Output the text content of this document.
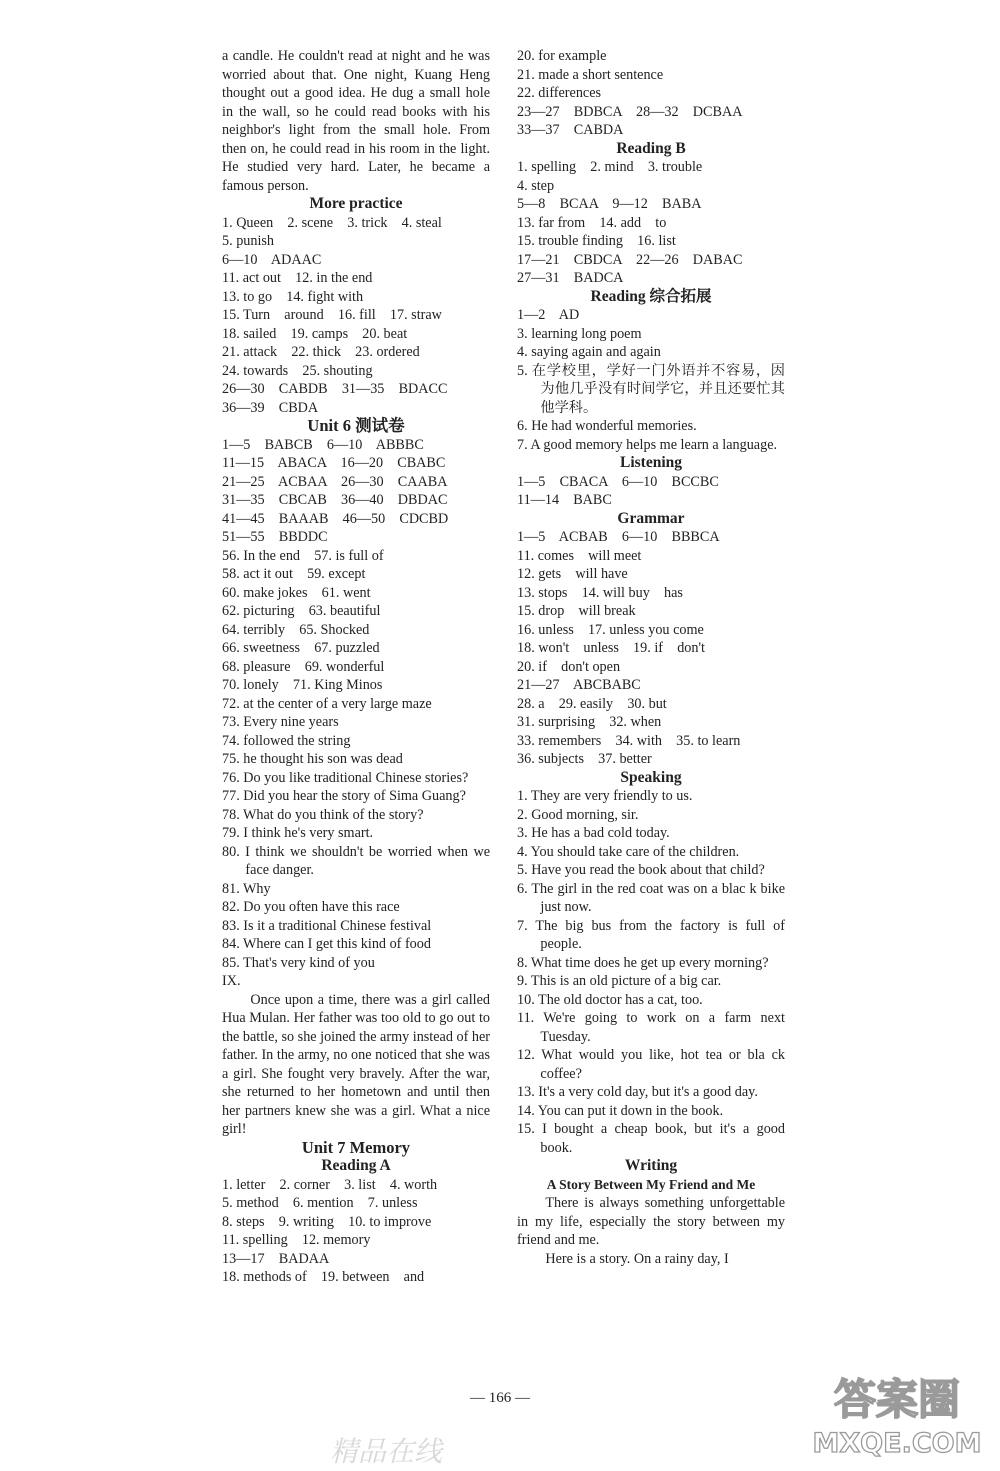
a candle. He couldn't read at night and he was worried about that. One night, Kuang Heng thought out a good idea. He dug a small hole in the wall, so he could read books with his neighbor's light from the small hole. From then on, he could read in his room in the light. He studied very hard. Later, he became a famous person.
More practice
1. Queen    2. scene    3. trick    4. steal
5. punish
6—10    ADAAC
11. act out    12. in the end
13. to go    14. fight with
15. Turn    around    16. fill    17. straw
18. sailed    19. camps    20. beat
21. attack    22. thick    23. ordered
24. towards    25. shouting
26—30    CABDB    31—35    BDACC
36—39    CBDA
Unit 6 测试卷
1—5    BABCB    6—10    ABBBC
11—15    ABACA    16—20    CBABC
21—25    ACBAA    26—30    CAABA
31—35    CBCAB    36—40    DBDAC
41—45    BAAAB    46—50    CDCBD
51—55    BBDDC
56. In the end    57. is full of
58. act it out    59. except
60. make jokes    61. went
62. picturing    63. beautiful
64. terribly    65. Shocked
66. sweetness    67. puzzled
68. pleasure    69. wonderful
70. lonely    71. King Minos
72. at the center of a very large maze
73. Every nine years
74. followed the string
75. he thought his son was dead
76. Do you like traditional Chinese stories?
77. Did you hear the story of Sima Guang?
78. What do you think of the story?
79. I think he's very smart.
80. I think we shouldn't be worried when we face danger.
81. Why
82. Do you often have this race
83. Is it a traditional Chinese festival
84. Where can I get this kind of food
85. That's very kind of you
IX.
Once upon a time, there was a girl called Hua Mulan. Her father was too old to go out to the battle, so she joined the army instead of her father. In the army, no one noticed that she was a girl. She fought very bravely. After the war, she returned to her hometown and until then her partners knew she was a girl. What a nice girl!
Unit 7 Memory
Reading A
1. letter    2. corner    3. list    4. worth
5. method    6. mention    7. unless
8. steps    9. writing    10. to improve
11. spelling    12. memory
13—17    BADAA
18. methods of    19. between    and
20. for example
21. made a short sentence
22. differences
23—27    BDBCA    28—32    DCBAA
33—37    CABDA
Reading B
1. spelling    2. mind    3. trouble
4. step
5—8    BCAA    9—12    BABA
13. far from    14. add    to
15. trouble finding    16. list
17—21    CBDCA    22—26    DABAC
27—31    BADCA
Reading 综合拓展
1—2    AD
3. learning long poem
4. saying again and again
5. 在学校里，学好一门外语并不容易，因为他几乎没有时间学它，并且还要忙其他学科。
6. He had wonderful memories.
7. A good memory helps me learn a language.
Listening
1—5    CBACA    6—10    BCCBC
11—14    BABC
Grammar
1—5    ACBAB    6—10    BBBCA
11. comes    will meet
12. gets    will have
13. stops    14. will buy    has
15. drop    will break
16. unless    17. unless you come
18. won't    unless    19. if    don't
20. if    don't open
21—27    ABCBABC
28. a    29. easily    30. but
31. surprising    32. when
33. remembers    34. with    35. to learn
36. subjects    37. better
Speaking
1. They are very friendly to us.
2. Good morning, sir.
3. He has a bad cold today.
4. You should take care of the children.
5. Have you read the book about that child?
6. The girl in the red coat was on a blac k bike just now.
7. The big bus from the factory is full of people.
8. What time does he get up every morning?
9. This is an old picture of a big car.
10. The old doctor has a cat, too.
11. We're going to work on a farm next Tuesday.
12. What would you like, hot tea or bla ck coffee?
13. It's a very cold day, but it's a good day.
14. You can put it down in the book.
15. I bought a cheap book, but it's a good book.
Writing
A Story Between My Friend and Me
There is always something unforgettable in my life, especially the story between my friend and me.
Here is a story. On a rainy day, I
— 166 —
精品在线
答案圈
MXQE.COM
